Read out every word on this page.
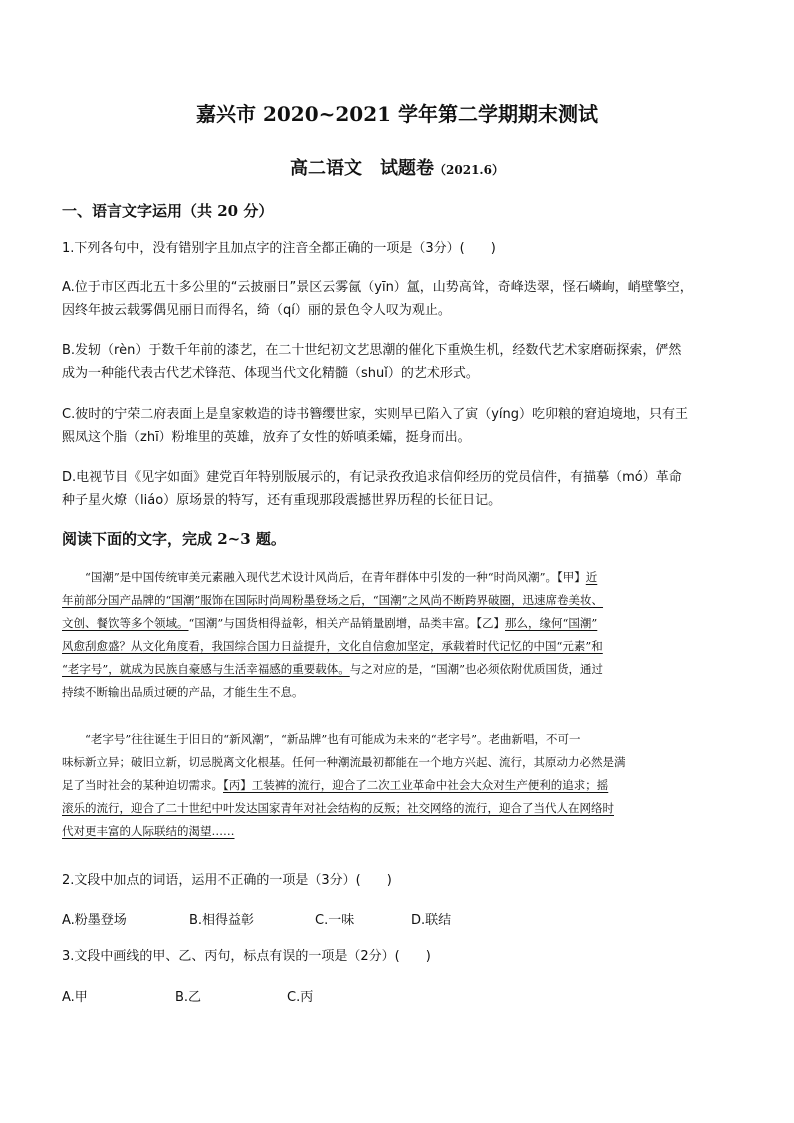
嘉兴市 2020~2021 学年第二学期期末测试
高二语文　试题卷（2021.6）
一、语言文字运用（共 20 分）
1.下列各句中，没有错别字且加点字的注音全都正确的一项是（3分）(　　)
A.位于市区西北五十多公里的“云披丽日”景区云雾氤（yīn）氲，山势高耸，奇峰迭翠，怪石嶙峋，峭壁擎空，
因终年披云载雾偶见丽日而得名，绮（qí）丽的景色令人叹为观止。
B.发轫（rèn）于数千年前的漆艺，在二十世纪初文艺思潮的催化下重焕生机，经数代艺术家磨砺探索，俨然
成为一种能代表古代艺术锋范、体现当代文化精髓（shuǐ）的艺术形式。
C.彼时的宁荣二府表面上是皇家敕造的诗书簪缨世家，实则早已陷入了寅（yíng）吃卯粮的窘迫境地，只有王
熙凤这个脂（zhī）粉堆里的英雄，放弃了女性的娇嗔柔孀，挺身而出。
D.电视节目《见字如面》建党百年特别版展示的，有记录孜孜追求信仰经历的党员信件，有描摹（mó）革命
种子星火燎（liáo）原场景的特写，还有重现那段震撼世界历程的长征日记。
阅读下面的文字，完成 2~3 题。
“国潮”是中国传统审美元素融入现代艺术设计风尚后，在青年群体中引发的一种“时尚风潮”。【甲】近
年前部分国产品牌的“国潮”服饰在国际时尚周粉墨登场之后，“国潮”之风尚不断跨界破圈，迅速席卷美妆、
文创、餐饮等多个领域。“国潮”与国货相得益彰，相关产品销量剧增，品类丰富。【乙】那么，缘何“国潮”
风愈刮愈盛？从文化角度看，我国综合国力日益提升，文化自信愈加坚定，承载着时代记忆的中国“元素”和
“老字号”，就成为民族自豪感与生活幸福感的重要载体。与之对应的是，“国潮”也必须依附优质国货，通过
持续不断输出品质过硬的产品，才能生生不息。
“老字号”往往诞生于旧日的“新风潮”，“新品牌”也有可能成为未来的“老字号”。老曲新唱，不可一
味标新立异；破旧立新，切忌脱离文化根基。任何一种潮流最初都能在一个地方兴起、流行，其原动力必然是满
足了当时社会的某种迫切需求。【丙】工装裤的流行，迎合了二次工业革命中社会大众对生产便利的追求；摇
滚乐的流行，迎合了二十世纪中叶发达国家青年对社会结构的反叛；社交网络的流行，迎合了当代人在网络时
代对更丰富的人际联结的渴望……
2.文段中加点的词语，运用不正确的一项是（3分）(　　)
A.粉墨登场	B.相得益彰	C.一味	D.联结
3.文段中画线的甲、乙、丙句，标点有误的一项是（2分）(　　)
A.甲	B.乙	C.丙
